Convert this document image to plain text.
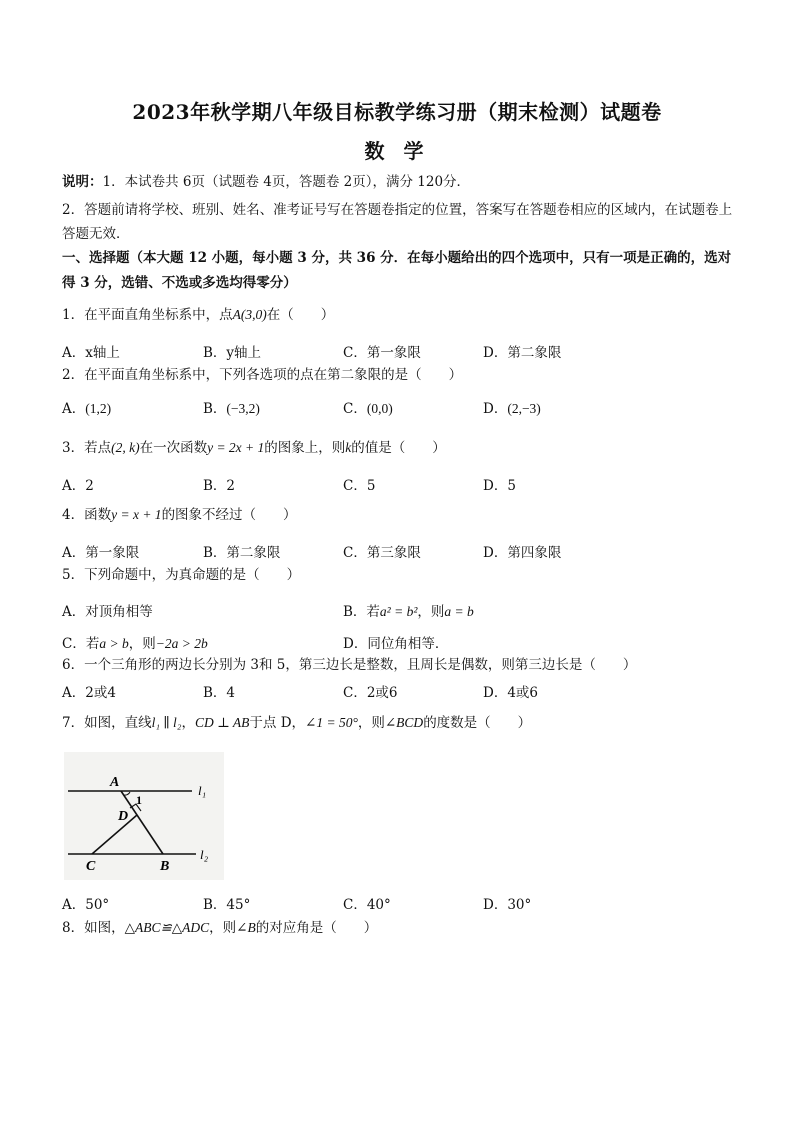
2023年秋学期八年级目标教学练习册（期末检测）试题卷
数 学
说明：1．本试卷共 6页（试题卷 4页，答题卷 2页），满分 120分．
2．答题前请将学校、班别、姓名、准考证号写在答题卷指定的位置，答案写在答题卷相应的区域内，在试题卷上答题无效．
一、选择题（本大题 12 小题，每小题 3 分，共 36 分．在每小题给出的四个选项中，只有一项是正确的，选对得 3 分，选错、不选或多选均得零分）
1．在平面直角坐标系中，点A(3,0)在（　　）
A．x轴上	B．y轴上	C．第一象限	D．第二象限
2．在平面直角坐标系中，下列各选项的点在第二象限的是（　　）
A．(1,2)	B．(−3,2)	C．(0,0)	D．(2,−3)
3．若点(2, k)在一次函数y = 2x + 1的图象上，则k的值是（　　）
A．2	B．2	C．5	D．5
4．函数y = x + 1的图象不经过（　　）
A．第一象限	B．第二象限	C．第三象限	D．第四象限
5．下列命题中，为真命题的是（　　）
A．对顶角相等	B．若a² = b²，则a = b
C．若a > b，则−2a > 2b	D．同位角相等．
6．一个三角形的两边长分别为 3和 5，第三边长是整数，且周长是偶数，则第三边长是（　　）
A．2或4	B．4	C．2或6	D．4或6
7．如图，直线l₁ ∥ l₂，CD ⊥ AB于点 D，∠1 = 50°，则∠BCD的度数是（　　）
A
1
D
C	B
l₁
l₂
A．50°	B．45°	C．40°	D．30°
8．如图，△ABC≌△ADC，则∠B的对应角是（　　）
